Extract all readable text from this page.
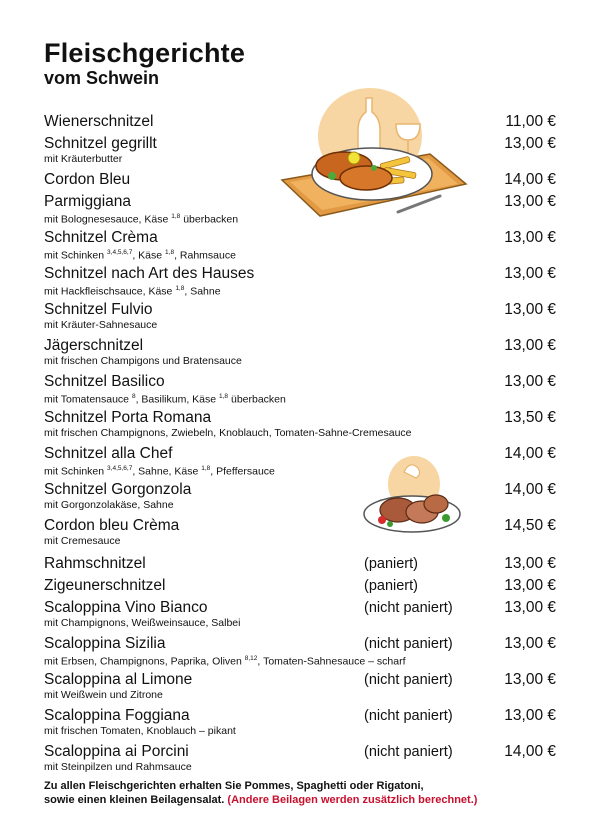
Fleischgerichte
vom Schwein
Wienerschnitzel	11,00 €
Schnitzel gegrillt	13,00 €
mit Kräuterbutter
Cordon Bleu	14,00 €
Parmiggiana	13,00 €
mit Bolognesesauce, Käse $^{1,8}$ überbacken
Schnitzel Crèma	13,00 €
mit Schinken $^{3,4,5,6,7}$, Käse $^{1,8}$, Rahmsauce
Schnitzel nach Art des Hauses	13,00 €
mit Hackfleischsauce, Käse $^{1,8}$, Sahne
Schnitzel Fulvio	13,00 €
mit Kräuter-Sahnesauce
Jägerschnitzel	13,00 €
mit frischen Champigons und Bratensauce
Schnitzel Basilico	13,00 €
mit Tomatensauce $^8$, Basilikum, Käse $^{1,8}$ überbacken
Schnitzel Porta Romana	13,50 €
mit frischen Champignons, Zwiebeln, Knoblauch, Tomaten-Sahne-Cremesauce
Schnitzel alla Chef	14,00 €
mit Schinken $^{3,4,5,6,7}$, Sahne, Käse $^{1,8}$, Pfeffersauce
Schnitzel Gorgonzola	14,00 €
mit Gorgonzolakäse, Sahne
Cordon bleu Crèma	14,50 €
mit Cremesauce
Rahmschnitzel	(paniert)	13,00 €
Zigeunerschnitzel	(paniert)	13,00 €
Scaloppina Vino Bianco	(nicht paniert)	13,00 €
mit Champignons, Weißweinsauce, Salbei
Scaloppina Sizilia	(nicht paniert)	13,00 €
mit Erbsen, Champignons, Paprika, Oliven $^{8,12}$, Tomaten-Sahnesauce – scharf
Scaloppina al Limone	(nicht paniert)	13,00 €
mit Weißwein und Zitrone
Scaloppina Foggiana	(nicht paniert)	13,00 €
mit frischen Tomaten, Knoblauch – pikant
Scaloppina ai Porcini	(nicht paniert)	14,00 €
mit Steinpilzen und Rahmsauce
Zu allen Fleischgerichten erhalten Sie Pommes, Spaghetti oder Rigatoni,
sowie einen kleinen Beilagensalat. (Andere Beilagen werden zusätzlich berechnet.)
